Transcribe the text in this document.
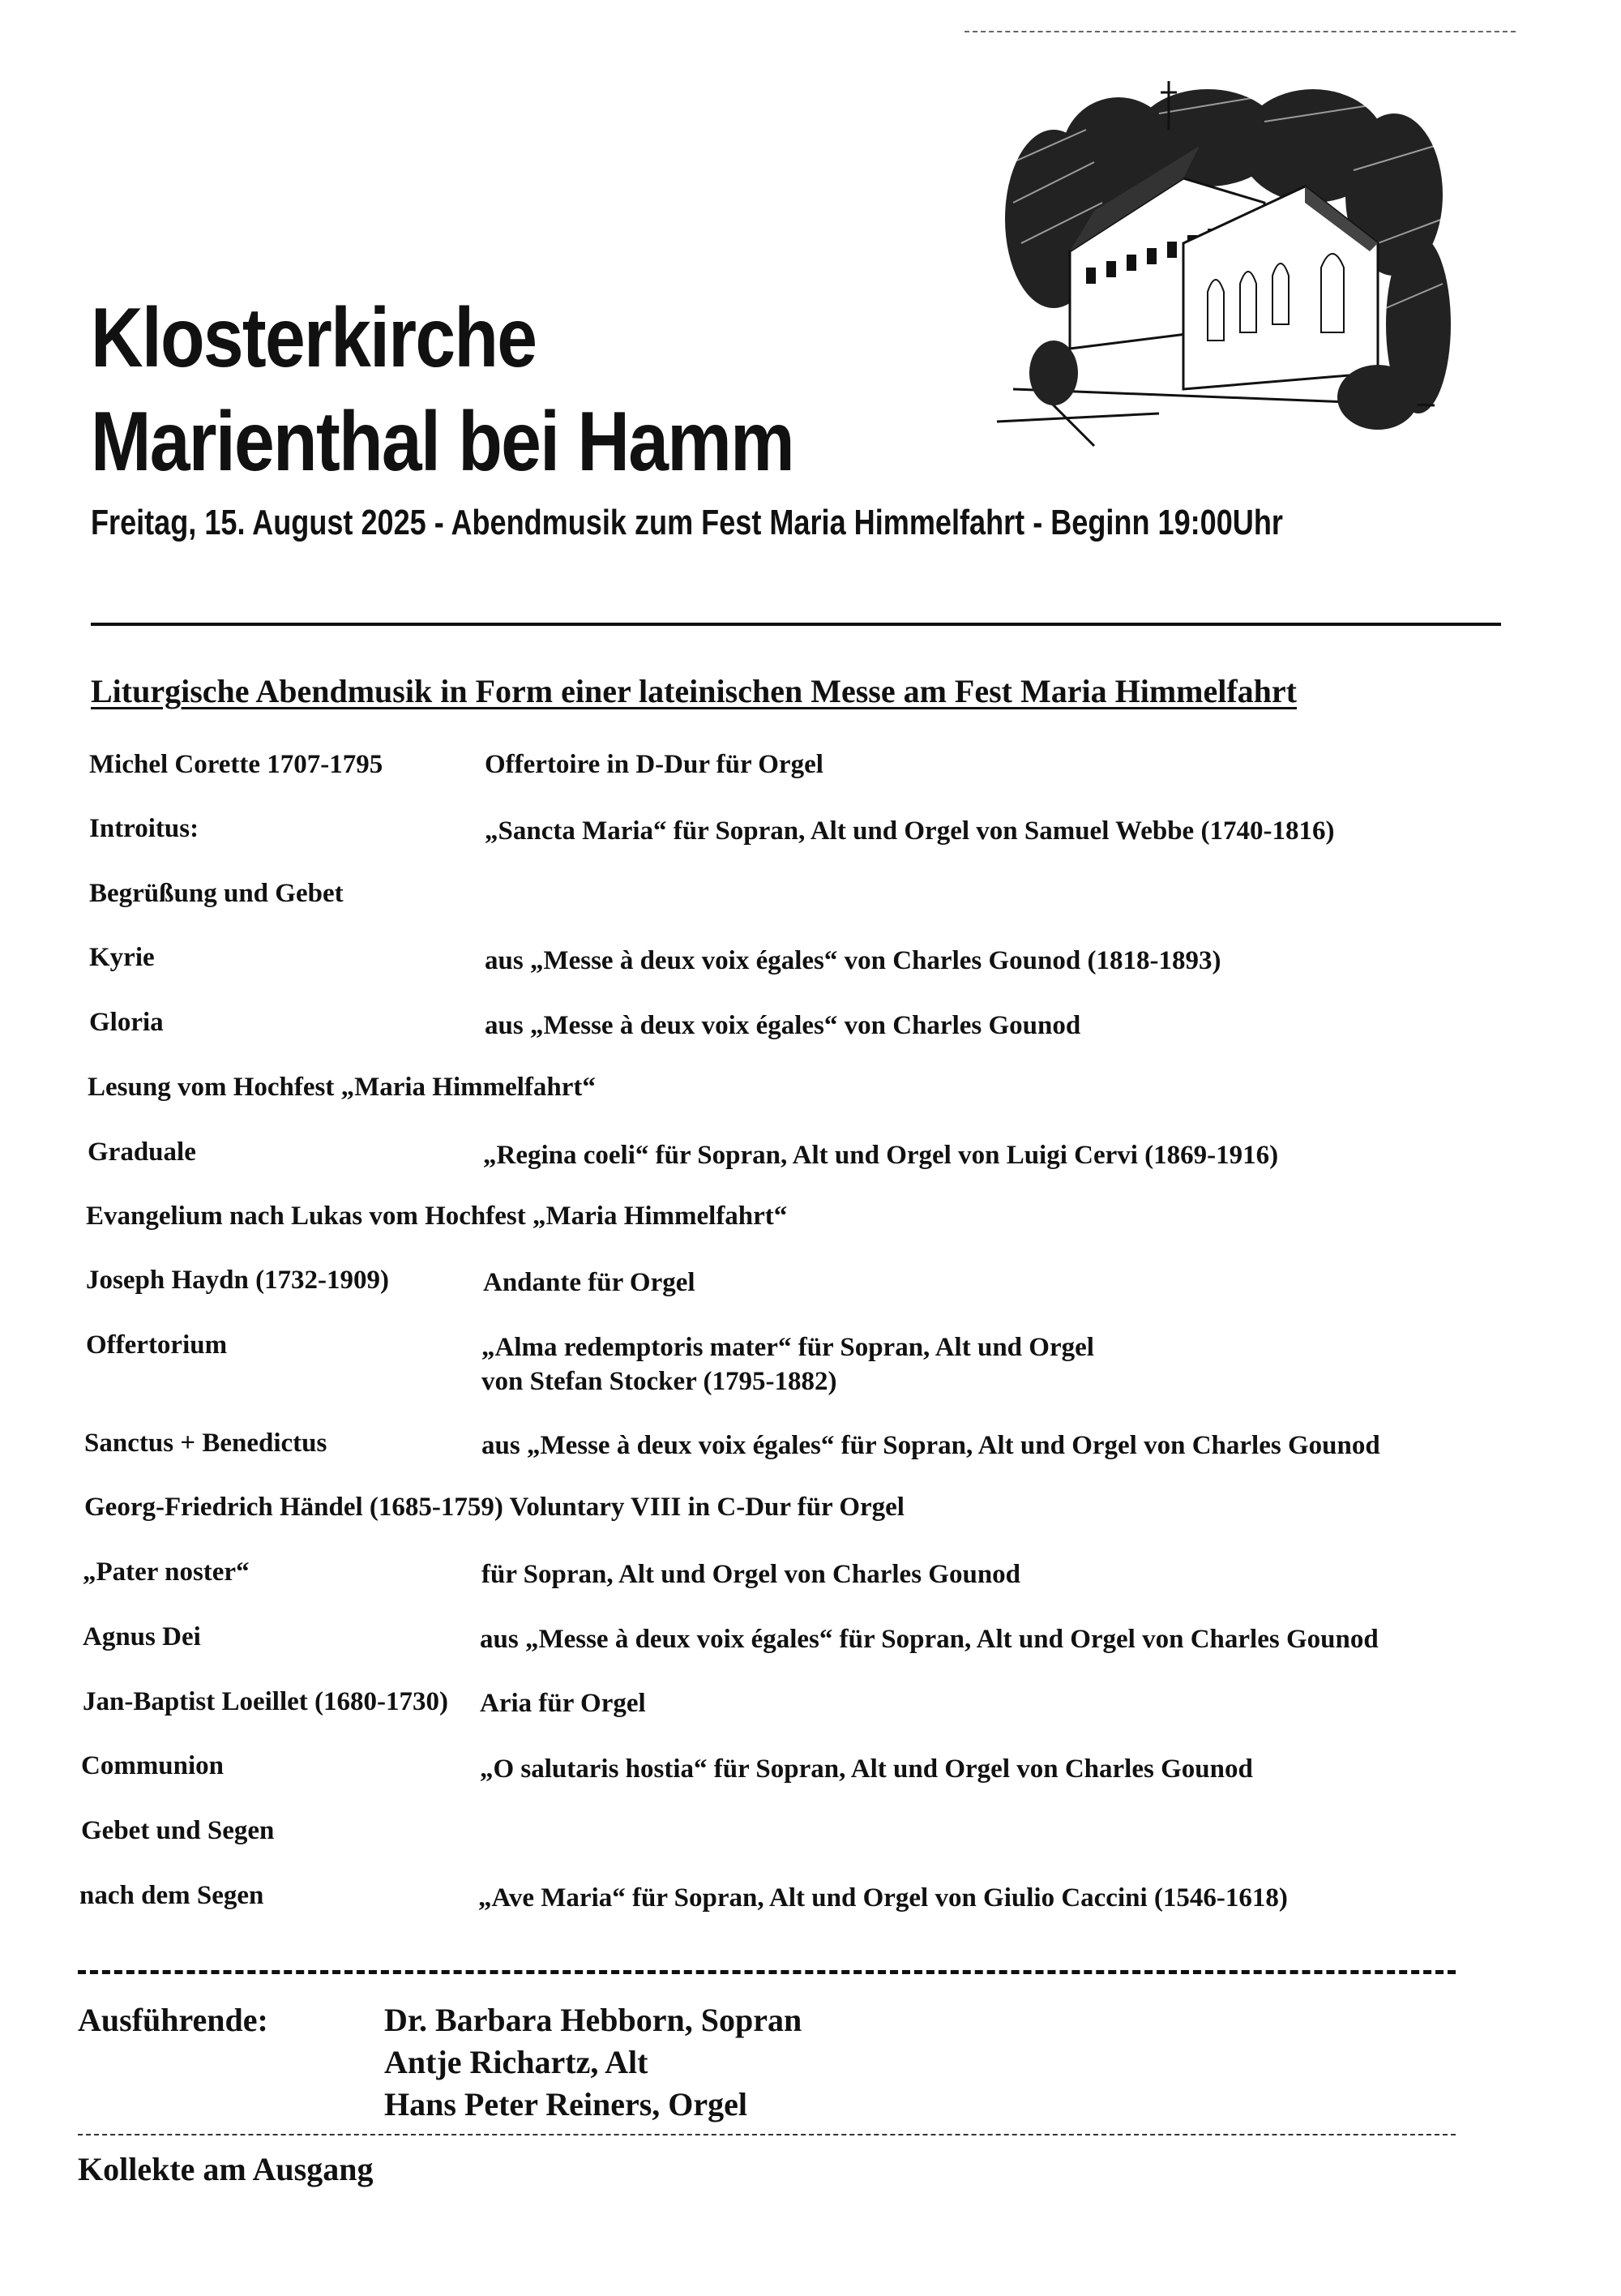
Klosterkirche
Marienthal bei Hamm
Freitag, 15. August 2025 - Abendmusik zum Fest Maria Himmelfahrt - Beginn 19:00Uhr
Liturgische Abendmusik in Form einer lateinischen Messe am Fest Maria Himmelfahrt
Michel Corette 1707-1795	Offertoire in D-Dur für Orgel
Introitus:	„Sancta Maria“ für Sopran, Alt und Orgel von Samuel Webbe (1740-1816)
Begrüßung und Gebet
Kyrie	aus „Messe à deux voix égales“ von Charles Gounod (1818-1893)
Gloria	aus „Messe à deux voix égales“ von Charles Gounod
Lesung vom Hochfest „Maria Himmelfahrt“
Graduale	„Regina coeli“ für Sopran, Alt und Orgel von Luigi Cervi (1869-1916)
Evangelium nach Lukas vom Hochfest „Maria Himmelfahrt“
Joseph Haydn (1732-1909)	Andante für Orgel
Offertorium	„Alma redemptoris mater“ für Sopran, Alt und Orgel
von Stefan Stocker (1795-1882)
Sanctus + Benedictus	aus „Messe à deux voix égales“ für Sopran, Alt und Orgel von Charles Gounod
Georg-Friedrich Händel (1685-1759) Voluntary VIII in C-Dur für Orgel
„Pater noster“	für Sopran, Alt und Orgel von Charles Gounod
Agnus Dei	aus „Messe à deux voix égales“ für Sopran, Alt und Orgel von Charles Gounod
Jan-Baptist Loeillet (1680-1730) Aria für Orgel
Communion	„O salutaris hostia“ für Sopran, Alt und Orgel von Charles Gounod
Gebet und Segen
nach dem Segen	„Ave Maria“ für Sopran, Alt und Orgel von Giulio Caccini (1546-1618)
Ausführende:	Dr. Barbara Hebborn, Sopran
Antje Richartz, Alt
Hans Peter Reiners, Orgel
Kollekte am Ausgang
